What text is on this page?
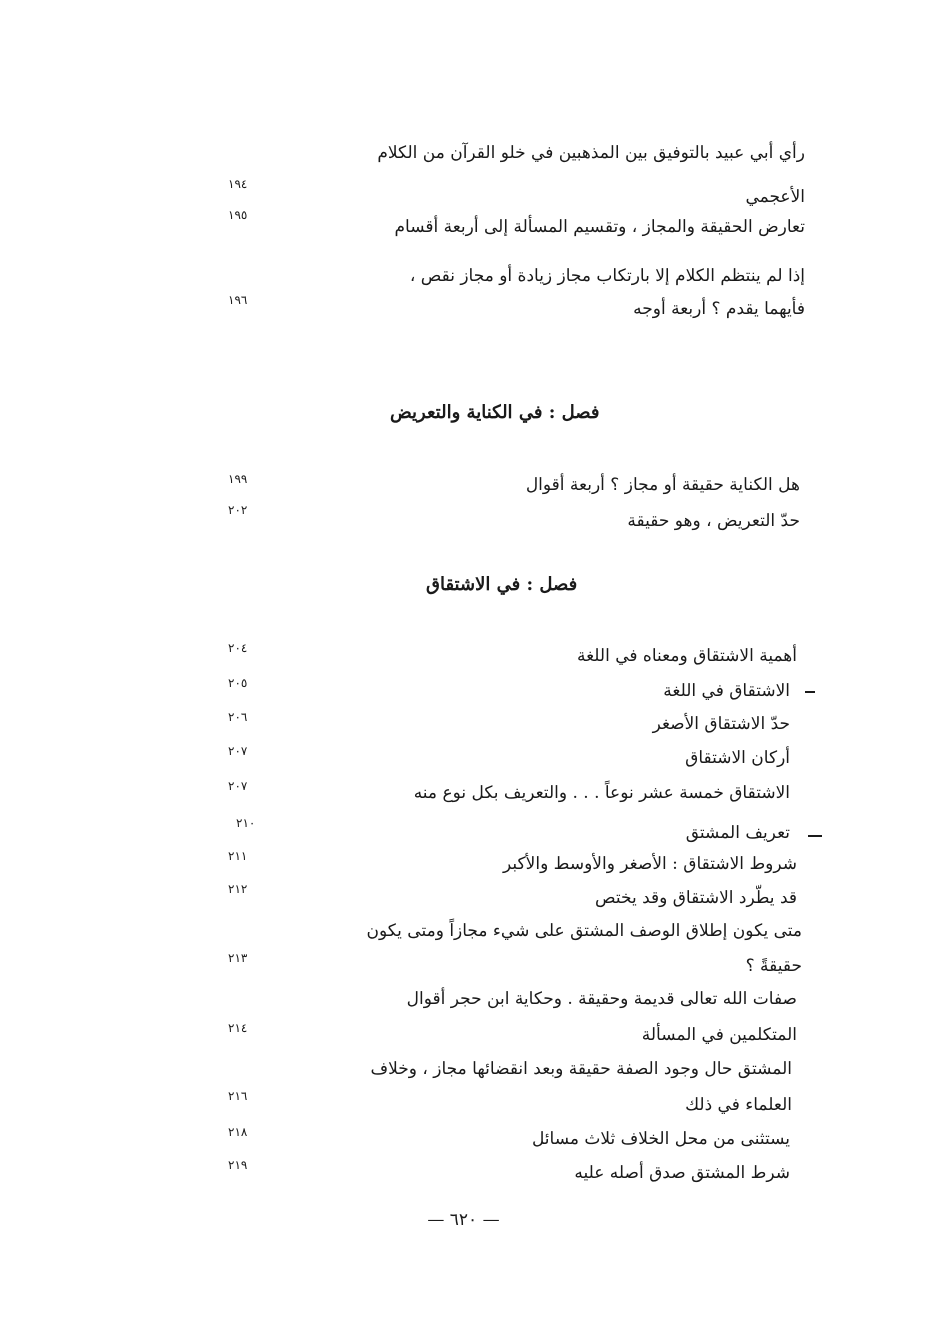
رأي أبي عبيد بالتوفيق بين المذهبين في خلو القرآن من الكلام
الأعجمي
١٩٤
تعارض الحقيقة والمجاز ، وتقسيم المسألة إلى أربعة أقسام
١٩٥
إذا لم ينتظم الكلام إلا بارتكاب مجاز زيادة أو مجاز نقص ،
فأيهما يقدم ؟ أربعة أوجه
١٩٦
فصل : في الكناية والتعريض
هل الكناية حقيقة أو مجاز ؟ أربعة أقوال
١٩٩
حدّ التعريض ، وهو حقيقة
٢٠٢
فصل : في الاشتقاق
أهمية الاشتقاق ومعناه في اللغة
٢٠٤
الاشتقاق في اللغة
٢٠٥
حدّ الاشتقاق الأصغر
٢٠٦
أركان الاشتقاق
٢٠٧
الاشتقاق خمسة عشر نوعاً . . . والتعريف بكل نوع منه
٢٠٧
تعريف المشتق
٢١٠
شروط الاشتقاق : الأصغر والأوسط والأكبر
٢١١
قد يطّرد الاشتقاق وقد يختص
٢١٢
متى يكون إطلاق الوصف المشتق على شيء مجازاً ومتى يكون
حقيقةً ؟
٢١٣
صفات الله تعالى قديمة وحقيقة . وحكاية ابن حجر أقوال
المتكلمين في المسألة
٢١٤
المشتق حال وجود الصفة حقيقة وبعد انقضائها مجاز ، وخلاف
العلماء في ذلك
٢١٦
يستثنى من محل الخلاف ثلاث مسائل
٢١٨
شرط المشتق صدق أصله عليه
٢١٩
— ٦٢٠ —
